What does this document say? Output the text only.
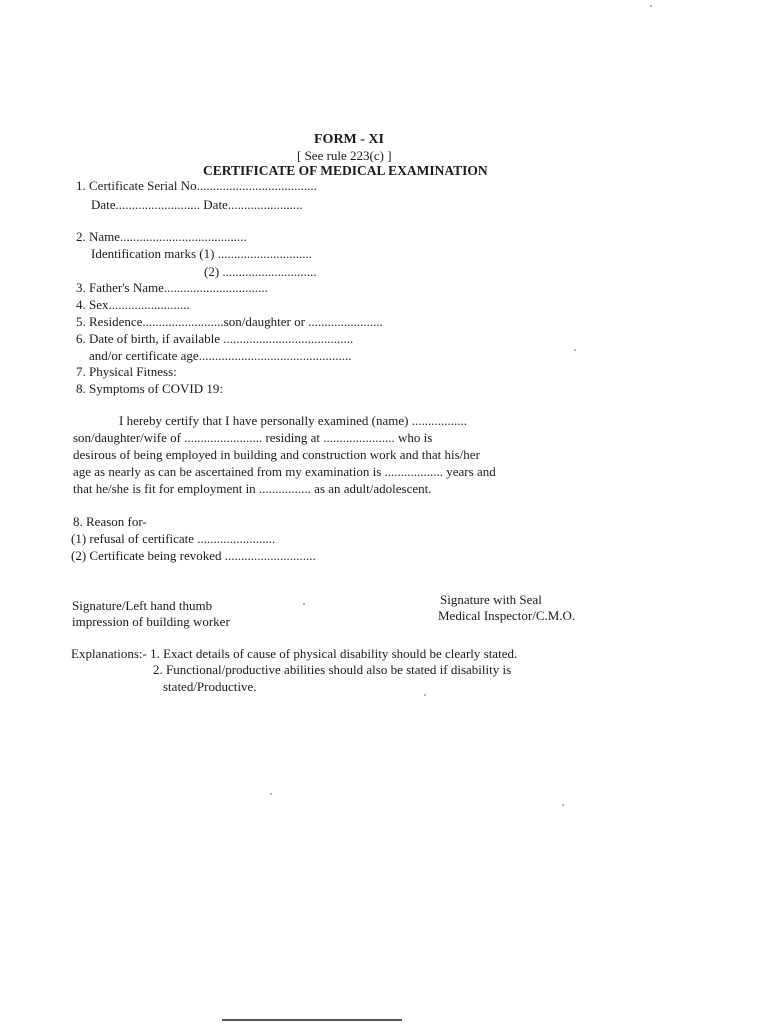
FORM - XI
[ See rule 223(c) ]
CERTIFICATE OF MEDICAL EXAMINATION
1. Certificate Serial No.....................................
Date.......................... Date.......................
2. Name.......................................
Identification marks (1) .............................
(2) .............................
3. Father's Name................................
4. Sex.........................
5. Residence.........................son/daughter or .......................
6. Date of birth, if available ........................................
and/or certificate age...............................................
7. Physical Fitness:
8. Symptoms of COVID 19:
I hereby certify that I have personally examined (name) .................
son/daughter/wife of ........................ residing at ...................... who is
desirous of being employed in building and construction work and that his/her
age as nearly as can be ascertained from my examination is .................. years and
that he/she is fit for employment in ................ as an adult/adolescent.
8. Reason for-
(1) refusal of certificate ........................
(2) Certificate being revoked ............................
Signature/Left hand thumb
impression of building worker
Signature with Seal
Medical Inspector/C.M.O.
Explanations:- 1. Exact details of cause of physical disability should be clearly stated.
2. Functional/productive abilities should also be stated if disability is
stated/Productive.
